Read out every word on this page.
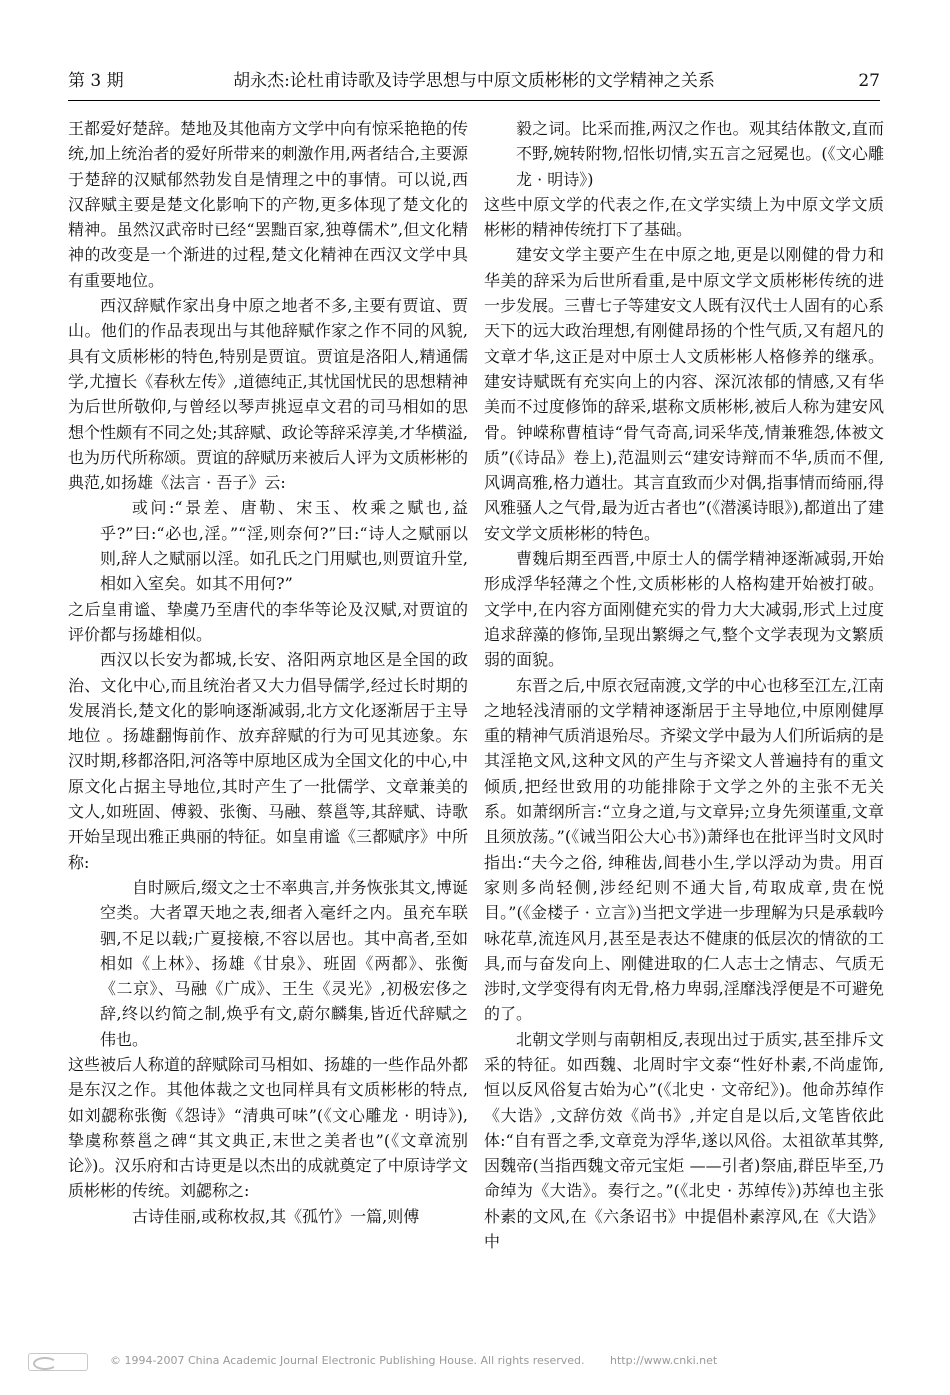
第 3 期	胡永杰:论杜甫诗歌及诗学思想与中原文质彬彬的文学精神之关系	27

王都爱好楚辞。楚地及其他南方文学中向有惊采艳艳的传统,加上统治者的爱好所带来的刺激作用,两者结合,主要源于楚辞的汉赋郁然勃发自是情理之中的事情。可以说,西汉辞赋主要是楚文化影响下的产物,更多体现了楚文化的精神。虽然汉武帝时已经“罢黜百家,独尊儒术”,但文化精神的改变是一个渐进的过程,楚文化精神在西汉文学中具有重要地位。

西汉辞赋作家出身中原之地者不多,主要有贾谊、贾山。他们的作品表现出与其他辞赋作家之作不同的风貌,具有文质彬彬的特色,特别是贾谊。贾谊是洛阳人,精通儒学,尤擅长《春秋左传》,道德纯正,其忧国忧民的思想精神为后世所敬仰,与曾经以琴声挑逗卓文君的司马相如的思想个性颇有不同之处;其辞赋、政论等辞采淳美,才华横溢,也为历代所称颂。贾谊的辞赋历来被后人评为文质彬彬的典范,如扬雄《法言 · 吾子》云:

或问:“景差、唐勒、宋玉、枚乘之赋也,益乎?”曰:“必也,淫。”“淫,则奈何?”曰:“诗人之赋丽以则,辞人之赋丽以淫。如孔氏之门用赋也,则贾谊升堂,相如入室矣。如其不用何?”

之后皇甫谧、挚虞乃至唐代的李华等论及汉赋,对贾谊的评价都与扬雄相似。

西汉以长安为都城,长安、洛阳两京地区是全国的政治、文化中心,而且统治者又大力倡导儒学,经过长时期的发展消长,楚文化的影响逐渐减弱,北方文化逐渐居于主导地位 。扬雄翻悔前作、放弃辞赋的行为可见其迹象。东汉时期,移都洛阳,河洛等中原地区成为全国文化的中心,中原文化占据主导地位,其时产生了一批儒学、文章兼美的文人,如班固、傅毅、张衡、马融、蔡邕等,其辞赋、诗歌开始呈现出雅正典丽的特征。如皇甫谧《三都赋序》中所称:

自时厥后,缀文之士不率典言,并务恢张其文,博诞空类。大者罩天地之表,细者入毫纤之内。虽充车联驷,不足以载;广夏接榱,不容以居也。其中高者,至如相如《上林》、扬雄《甘泉》、班固《两都》、张衡《二京》、马融《广成》、王生《灵光》,初极宏侈之辞,终以约简之制,焕乎有文,蔚尔麟集,皆近代辞赋之伟也。

这些被后人称道的辞赋除司马相如、扬雄的一些作品外都是东汉之作。其他体裁之文也同样具有文质彬彬的特点,如刘勰称张衡《怨诗》“清典可味”(《文心雕龙 · 明诗》),挚虞称蔡邕之碑“其文典正,末世之美者也”(《文章流别论》)。汉乐府和古诗更是以杰出的成就奠定了中原诗学文质彬彬的传统。刘勰称之:

古诗佳丽,或称枚叔,其《孤竹》一篇,则傅

毅之词。比采而推,两汉之作也。观其结体散文,直而不野,婉转附物,怊怅切情,实五言之冠冕也。(《文心雕龙 · 明诗》)

这些中原文学的代表之作,在文学实绩上为中原文学文质彬彬的精神传统打下了基础。

建安文学主要产生在中原之地,更是以刚健的骨力和华美的辞采为后世所看重,是中原文学文质彬彬传统的进一步发展。三曹七子等建安文人既有汉代士人固有的心系天下的远大政治理想,有刚健昂扬的个性气质,又有超凡的文章才华,这正是对中原士人文质彬彬人格修养的继承。建安诗赋既有充实向上的内容、深沉浓郁的情感,又有华美而不过度修饰的辞采,堪称文质彬彬,被后人称为建安风骨。钟嵘称曹植诗“骨气奇高,词采华茂,情兼雅怨,体被文质”(《诗品》卷上),范温则云“建安诗辩而不华,质而不俚,风调高雅,格力遒壮。其言直致而少对偶,指事情而绮丽,得风雅骚人之气骨,最为近古者也”(《潜溪诗眼》),都道出了建安文学文质彬彬的特色。

曹魏后期至西晋,中原士人的儒学精神逐渐减弱,开始形成浮华轻薄之个性,文质彬彬的人格构建开始被打破。文学中,在内容方面刚健充实的骨力大大减弱,形式上过度追求辞藻的修饰,呈现出繁缛之气,整个文学表现为文繁质弱的面貌。

东晋之后,中原衣冠南渡,文学的中心也移至江左,江南之地轻浅清丽的文学精神逐渐居于主导地位,中原刚健厚重的精神气质消退殆尽。齐梁文学中最为人们所诟病的是其淫艳文风,这种文风的产生与齐梁文人普遍持有的重文倾质,把经世致用的功能排除于文学之外的主张不无关系。如萧纲所言:“立身之道,与文章异;立身先须谨重,文章且须放荡。”(《诫当阳公大心书》)萧绎也在批评当时文风时指出:“夫今之俗, 绅稚齿,闾巷小生,学以浮动为贵。用百家则多尚轻侧,涉经纪则不通大旨,苟取成章,贵在悦目。”(《金楼子 · 立言》)当把文学进一步理解为只是承载吟咏花草,流连风月,甚至是表达不健康的低层次的情欲的工具,而与奋发向上、刚健进取的仁人志士之情志、气质无涉时,文学变得有肉无骨,格力卑弱,淫靡浅浮便是不可避免的了。

北朝文学则与南朝相反,表现出过于质实,甚至排斥文采的特征。如西魏、北周时宇文泰“性好朴素,不尚虚饰,恒以反风俗复古始为心”(《北史 · 文帝纪》)。他命苏绰作《大诰》,文辞仿效《尚书》,并定自是以后,文笔皆依此体:“自有晋之季,文章竞为浮华,遂以风俗。太祖欲革其弊,因魏帝(当指西魏文帝元宝炬 ——引者)祭庙,群臣毕至,乃命绰为《大诰》。奏行之。”(《北史 · 苏绰传》)苏绰也主张朴素的文风,在《六条诏书》中提倡朴素淳风,在《大诰》中

© 1994-2007 China Academic Journal Electronic Publishing House. All rights reserved. http://www.cnki.net
